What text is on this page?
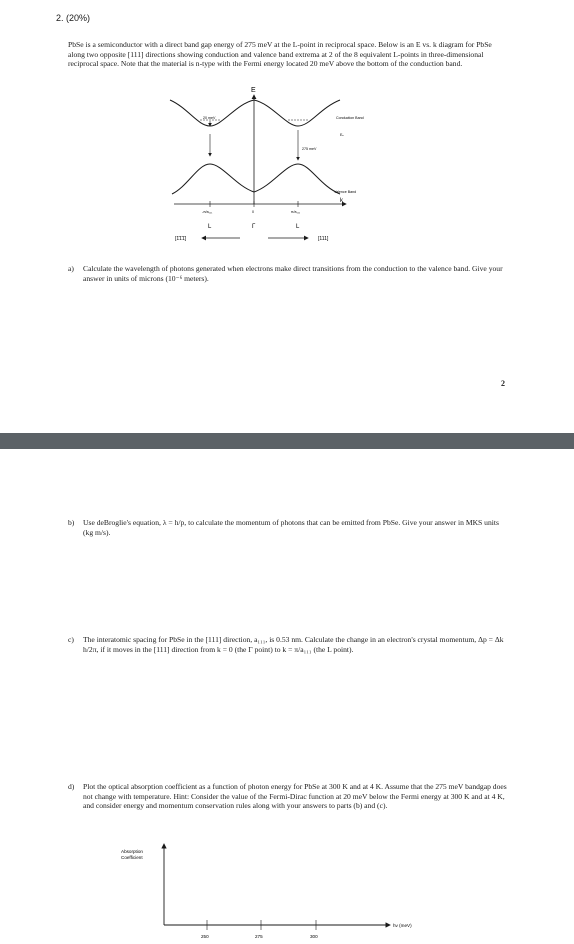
2. (20%)
PbSe is a semiconductor with a direct band gap energy of 275 meV at the L-point in reciprocal space. Below is an E vs. k diagram for PbSe along two opposite [111] directions showing conduction and valence band extrema at 2 of the 8 equivalent L-points in three-dimensional reciprocal space. Note that the material is n-type with the Fermi energy located 20 meV above the bottom of the conduction band.
E
20 meV
275 meV
Conduction Band
Eₑ
Valence Band
k
-π/a₁₁₁	0	π/a₁₁₁
L	Γ	L
[1̄1̄1̄]	[111]
a) Calculate the wavelength of photons generated when electrons make direct transitions from the conduction to the valence band. Give your answer in units of microns (10⁻⁶ meters).
2
b) Use deBroglie's equation, λ = h/p, to calculate the momentum of photons that can be emitted from PbSe. Give your answer in MKS units (kg m/s).
c) The interatomic spacing for PbSe in the [111] direction, a₁₁₁, is 0.53 nm. Calculate the change in an electron's crystal momentum, Δp = Δk h/2π, if it moves in the [111] direction from k = 0 (the Γ point) to k = π/a₁₁₁ (the L point).
d) Plot the optical absorption coefficient as a function of photon energy for PbSe at 300 K and at 4 K. Assume that the 275 meV bandgap does not change with temperature. Hint: Consider the value of the Fermi-Dirac function at 20 meV below the Fermi energy at 300 K and at 4 K, and consider energy and momentum conservation rules along with your answers to parts (b) and (c).
Absorption
Coefficient
hν (meV)
250	275	300
